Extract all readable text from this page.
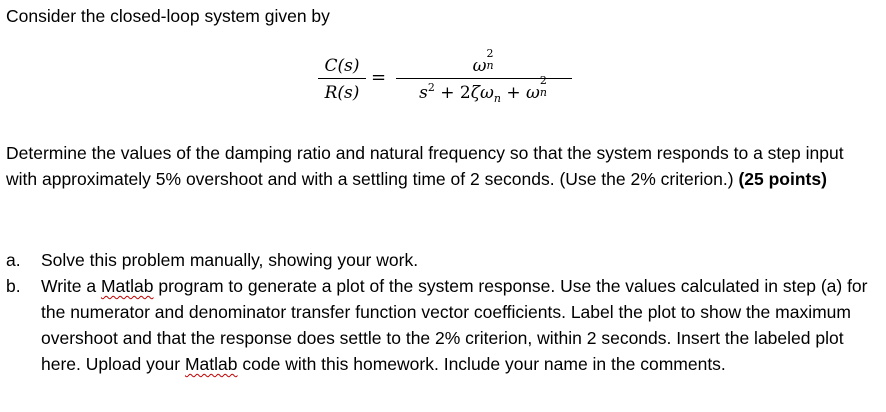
Consider the closed-loop system given by
C(s)
R(s)
=
ω
2
n
$s^2 + 2\zeta\omega_n + \omega$
2
n
Determine the values of the damping ratio and natural frequency so that the system responds to a step input with approximately 5% overshoot and with a settling time of 2 seconds. (Use the 2% criterion.) (25 points)
a. Solve this problem manually, showing your work.
b. Write a Matlab program to generate a plot of the system response. Use the values calculated in step (a) for the numerator and denominator transfer function vector coefficients. Label the plot to show the maximum overshoot and that the response does settle to the 2% criterion, within 2 seconds. Insert the labeled plot here. Upload your Matlab code with this homework. Include your name in the comments.
